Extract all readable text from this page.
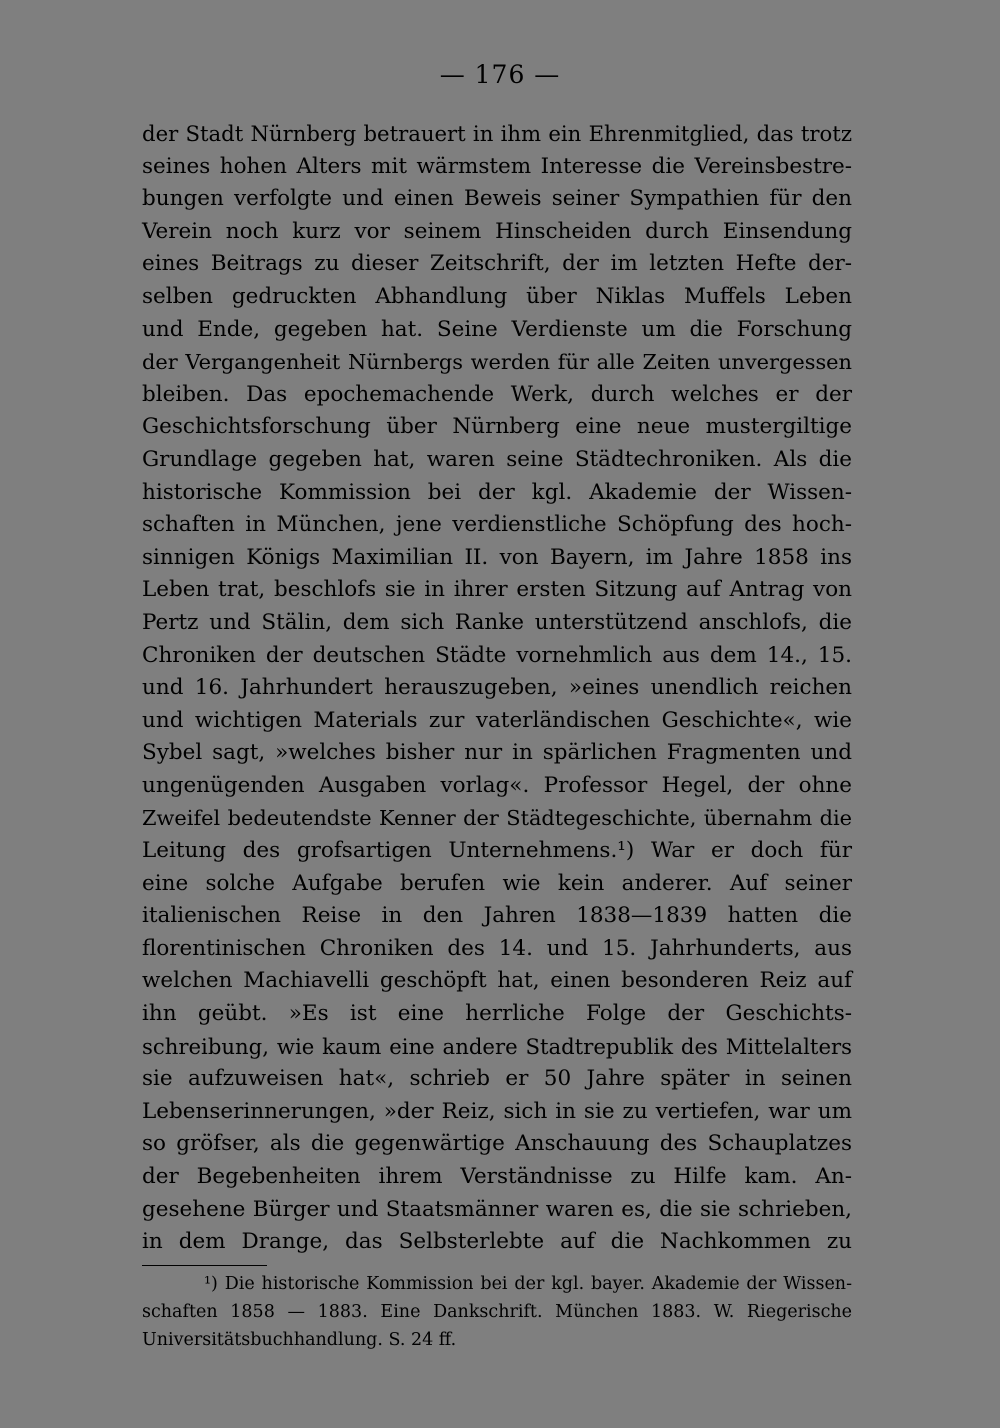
— 176 —
der Stadt Nürnberg betrauert in ihm ein Ehrenmitglied, das trotz
seines hohen Alters mit wärmstem Interesse die Vereinsbestre-
bungen verfolgte und einen Beweis seiner Sympathien für den
Verein noch kurz vor seinem Hinscheiden durch Einsendung
eines Beitrags zu dieser Zeitschrift, der im letzten Hefte der-
selben gedruckten Abhandlung über Niklas Muffels Leben
und Ende, gegeben hat. Seine Verdienste um die Forschung
der Vergangenheit Nürnbergs werden für alle Zeiten unvergessen
bleiben. Das epochemachende Werk, durch welches er der
Geschichtsforschung über Nürnberg eine neue mustergiltige
Grundlage gegeben hat, waren seine Städtechroniken. Als die
historische Kommission bei der kgl. Akademie der Wissen-
schaften in München, jene verdienstliche Schöpfung des hoch-
sinnigen Königs Maximilian II. von Bayern, im Jahre 1858 ins
Leben trat, beschlofs sie in ihrer ersten Sitzung auf Antrag von
Pertz und Stälin, dem sich Ranke unterstützend anschlofs, die
Chroniken der deutschen Städte vornehmlich aus dem 14., 15.
und 16. Jahrhundert herauszugeben, »eines unendlich reichen
und wichtigen Materials zur vaterländischen Geschichte«, wie
Sybel sagt, »welches bisher nur in spärlichen Fragmenten und
ungenügenden Ausgaben vorlag«. Professor Hegel, der ohne
Zweifel bedeutendste Kenner der Städtegeschichte, übernahm die
Leitung des grofsartigen Unternehmens.¹) War er doch für
eine solche Aufgabe berufen wie kein anderer. Auf seiner
italienischen Reise in den Jahren 1838—1839 hatten die
florentinischen Chroniken des 14. und 15. Jahrhunderts, aus
welchen Machiavelli geschöpft hat, einen besonderen Reiz auf
ihn geübt. »Es ist eine herrliche Folge der Geschichts-
schreibung, wie kaum eine andere Stadtrepublik des Mittelalters
sie aufzuweisen hat«, schrieb er 50 Jahre später in seinen
Lebenserinnerungen, »der Reiz, sich in sie zu vertiefen, war um
so gröfser, als die gegenwärtige Anschauung des Schauplatzes
der Begebenheiten ihrem Verständnisse zu Hilfe kam. An-
gesehene Bürger und Staatsmänner waren es, die sie schrieben,
in dem Drange, das Selbsterlebte auf die Nachkommen zu
¹) Die historische Kommission bei der kgl. bayer. Akademie der Wissen-
schaften 1858 — 1883. Eine Dankschrift. München 1883. W. Riegerische
Universitätsbuchhandlung. S. 24 ff.
